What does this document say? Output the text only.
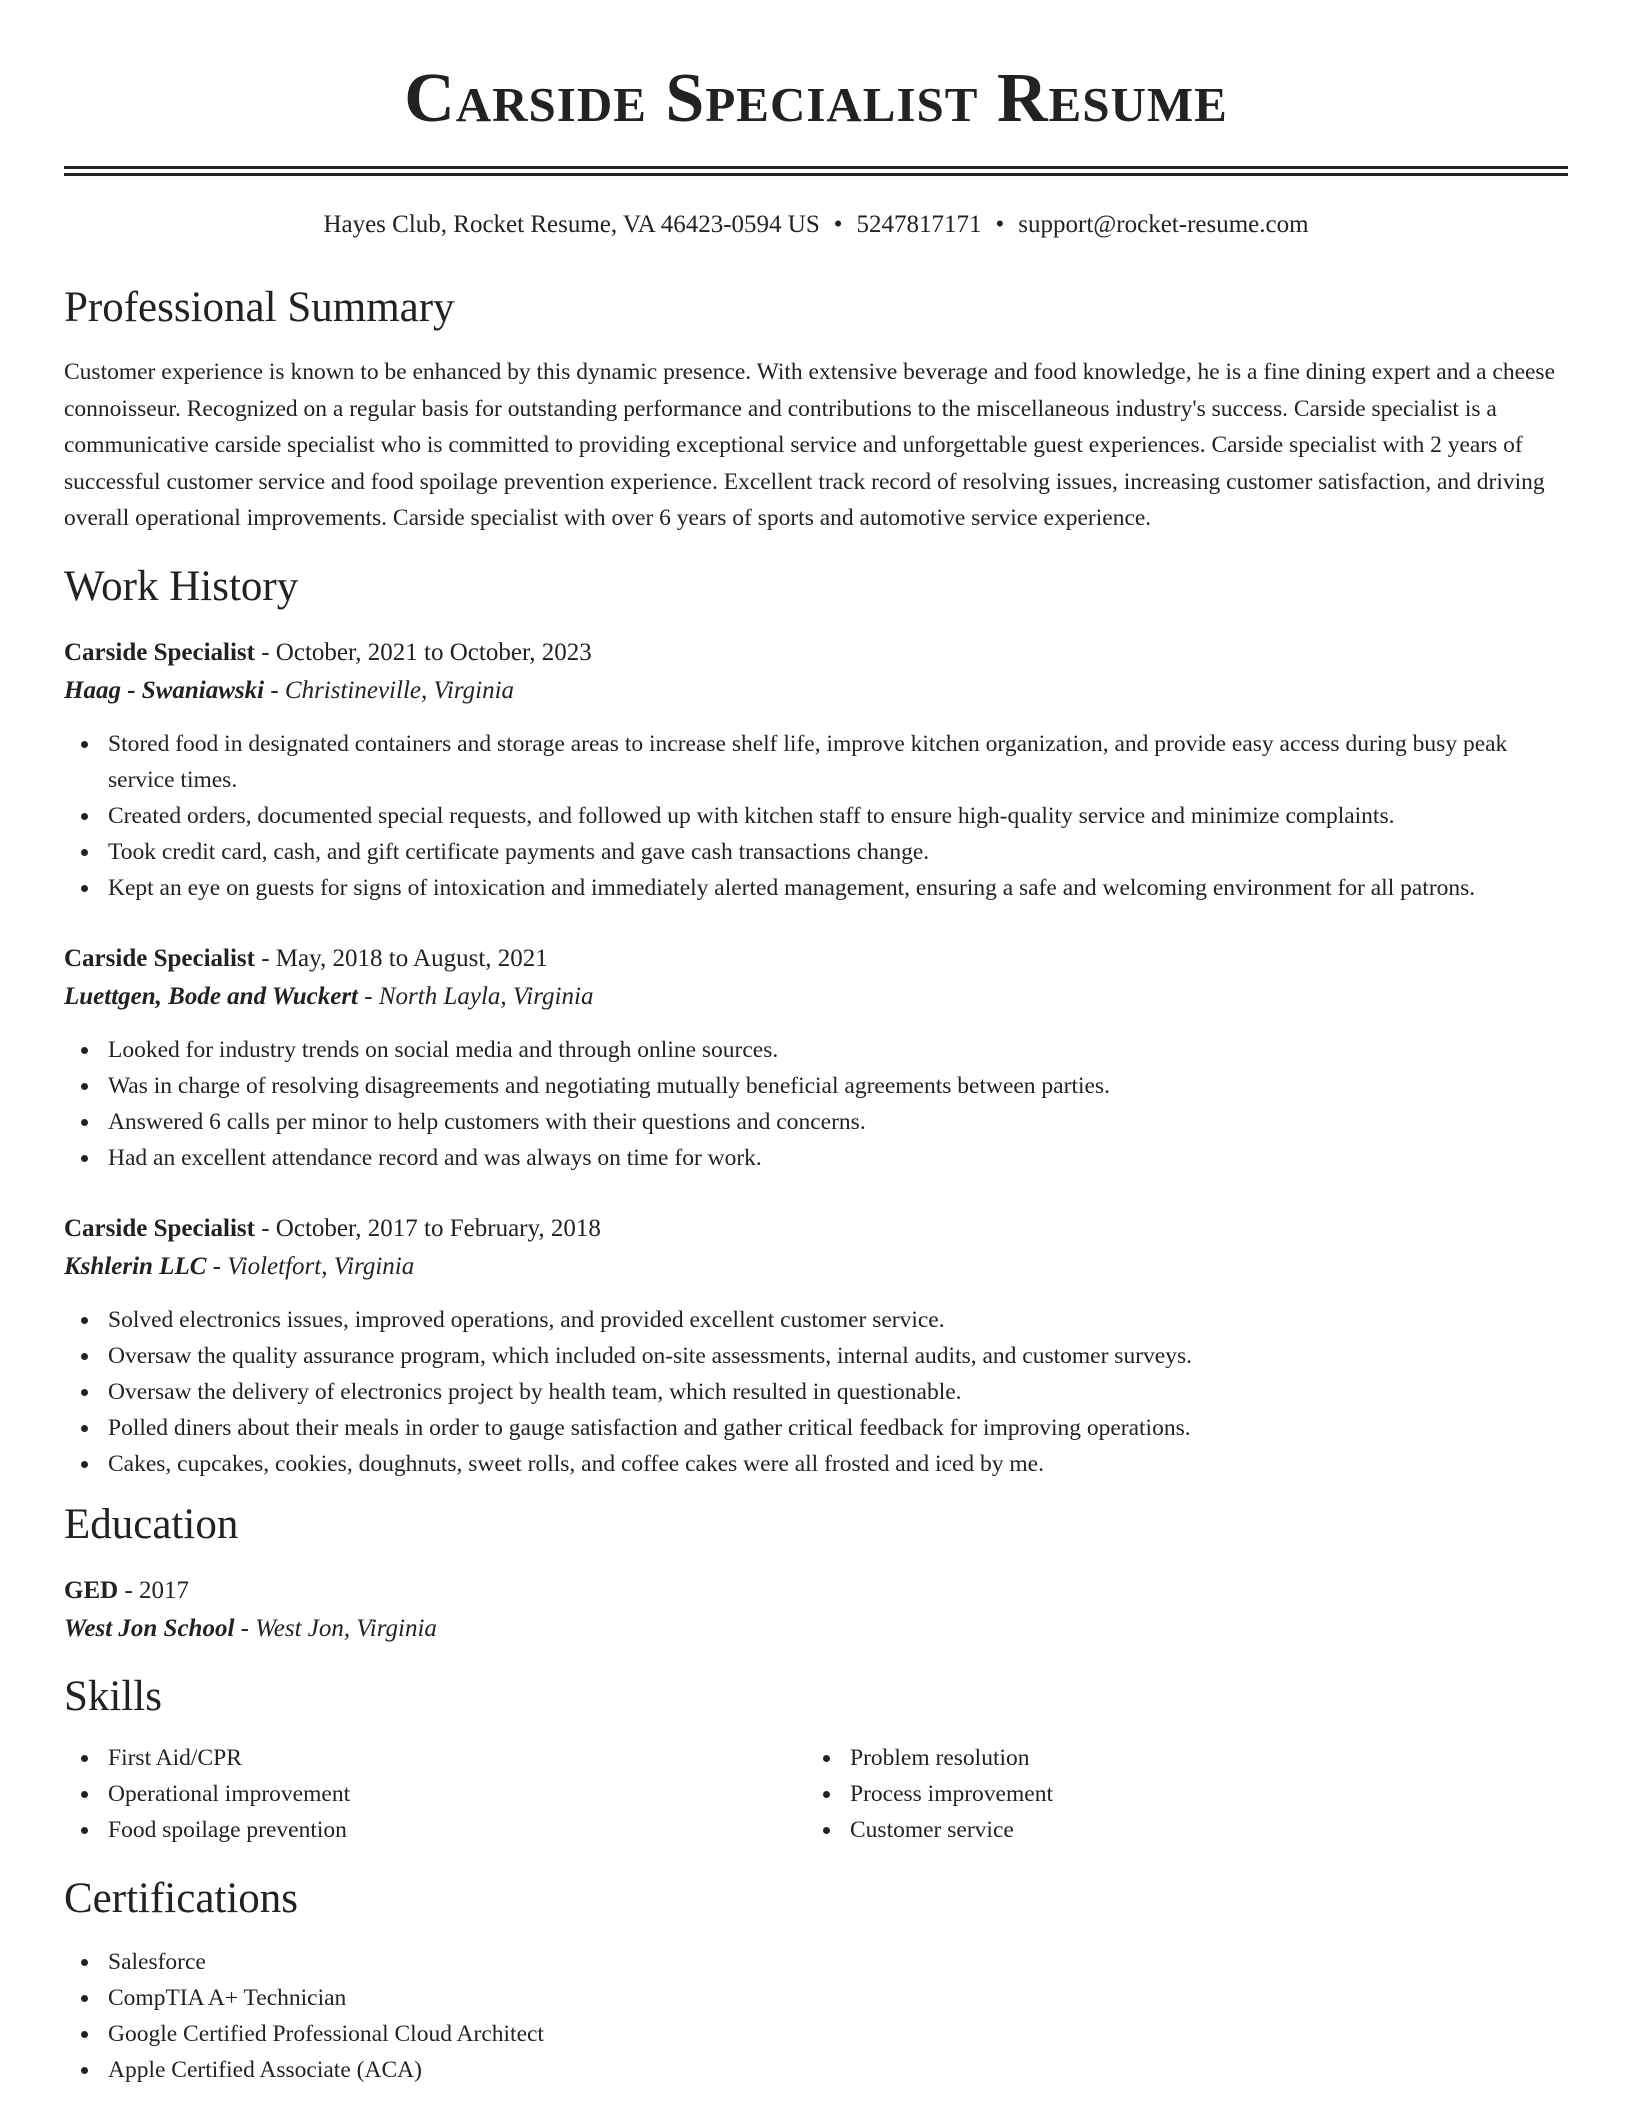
Carside Specialist Resume
Hayes Club, Rocket Resume, VA 46423-0594 US • 5247817171 • support@rocket-resume.com
Professional Summary

Customer experience is known to be enhanced by this dynamic presence. With extensive beverage and food knowledge, he is a fine dining expert and a cheese connoisseur. Recognized on a regular basis for outstanding performance and contributions to the miscellaneous industry's success. Carside specialist is a communicative carside specialist who is committed to providing exceptional service and unforgettable guest experiences. Carside specialist with 2 years of successful customer service and food spoilage prevention experience. Excellent track record of resolving issues, increasing customer satisfaction, and driving overall operational improvements. Carside specialist with over 6 years of sports and automotive service experience.

Work History
Carside Specialist - October, 2021 to October, 2023
Haag - Swaniawski - Christineville, Virginia
Stored food in designated containers and storage areas to increase shelf life, improve kitchen organization, and provide easy access during busy peak service times.
Created orders, documented special requests, and followed up with kitchen staff to ensure high-quality service and minimize complaints.
Took credit card, cash, and gift certificate payments and gave cash transactions change.
Kept an eye on guests for signs of intoxication and immediately alerted management, ensuring a safe and welcoming environment for all patrons.
Carside Specialist - May, 2018 to August, 2021
Luettgen, Bode and Wuckert - North Layla, Virginia
Looked for industry trends on social media and through online sources.
Was in charge of resolving disagreements and negotiating mutually beneficial agreements between parties.
Answered 6 calls per minor to help customers with their questions and concerns.
Had an excellent attendance record and was always on time for work.
Carside Specialist - October, 2017 to February, 2018
Kshlerin LLC - Violetfort, Virginia
Solved electronics issues, improved operations, and provided excellent customer service.
Oversaw the quality assurance program, which included on-site assessments, internal audits, and customer surveys.
Oversaw the delivery of electronics project by health team, which resulted in questionable.
Polled diners about their meals in order to gauge satisfaction and gather critical feedback for improving operations.
Cakes, cupcakes, cookies, doughnuts, sweet rolls, and coffee cakes were all frosted and iced by me.
Education
GED - 2017
West Jon School - West Jon, Virginia
Skills
First Aid/CPR
Operational improvement
Food spoilage prevention
Problem resolution
Process improvement
Customer service
Certifications
Salesforce
CompTIA A+ Technician
Google Certified Professional Cloud Architect
Apple Certified Associate (ACA)
